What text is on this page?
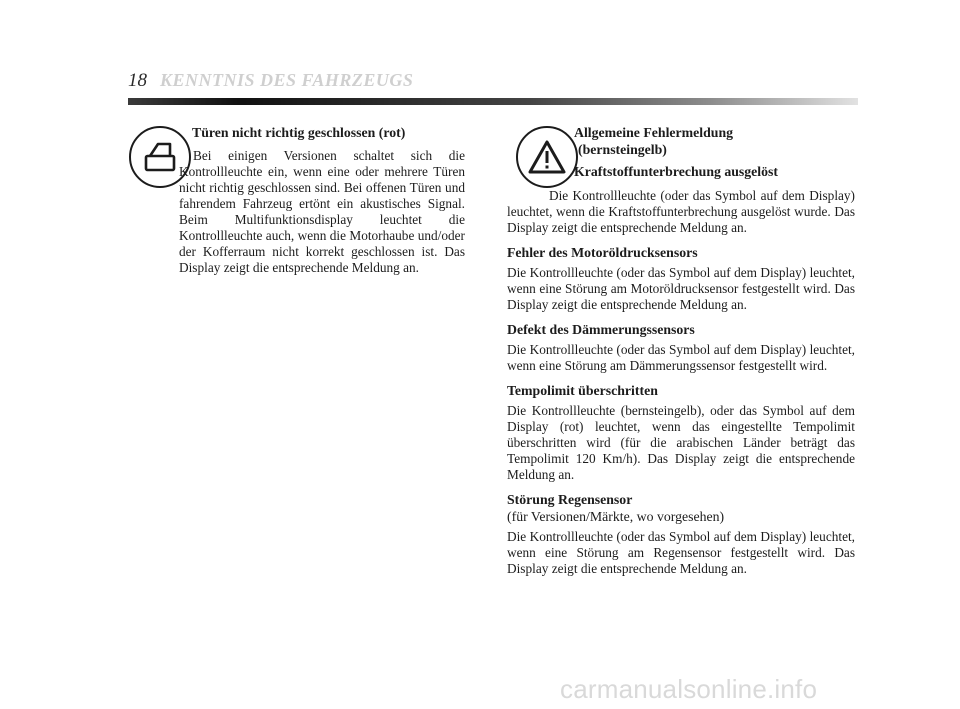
18 KENNTNIS DES FAHRZEUGS
Türen nicht richtig geschlossen (rot)
Bei einigen Versionen schaltet sich die Kontrollleuchte ein, wenn eine oder mehrere Türen nicht richtig geschlossen sind. Bei offenen Türen und fahrendem Fahrzeug ertönt ein akustisches Signal. Beim Multifunktionsdisplay leuchtet die Kontrollleuchte auch, wenn die Motorhaube und/oder der Kofferraum nicht korrekt geschlossen ist. Das Display zeigt die entsprechende Meldung an.
Allgemeine Fehlermeldung
(bernsteingelb)
Kraftstoffunterbrechung ausgelöst
Die Kontrollleuchte (oder das Symbol auf dem Display) leuchtet, wenn die Kraftstoffunterbrechung ausgelöst wurde. Das Display zeigt die entsprechende Meldung an.
Fehler des Motoröldrucksensors

Die Kontrollleuchte (oder das Symbol auf dem Display) leuchtet, wenn eine Störung am Motoröldrucksensor festgestellt wird. Das Display zeigt die entsprechende Meldung an.

Defekt des Dämmerungssensors

Die Kontrollleuchte (oder das Symbol auf dem Display) leuchtet, wenn eine Störung am Dämmerungssensor festgestellt wird.

Tempolimit überschritten

Die Kontrollleuchte (bernsteingelb), oder das Symbol auf dem Display (rot) leuchtet, wenn das eingestellte Tempolimit überschritten wird (für die arabischen Länder beträgt das Tempolimit 120 Km/h). Das Display zeigt die entsprechende Meldung an.

Störung Regensensor
(für Versionen/Märkte, wo vorgesehen)

Die Kontrollleuchte (oder das Symbol auf dem Display) leuchtet, wenn eine Störung am Regensensor festgestellt wird. Das Display zeigt die entsprechende Meldung an.

carmanualsonline.info
